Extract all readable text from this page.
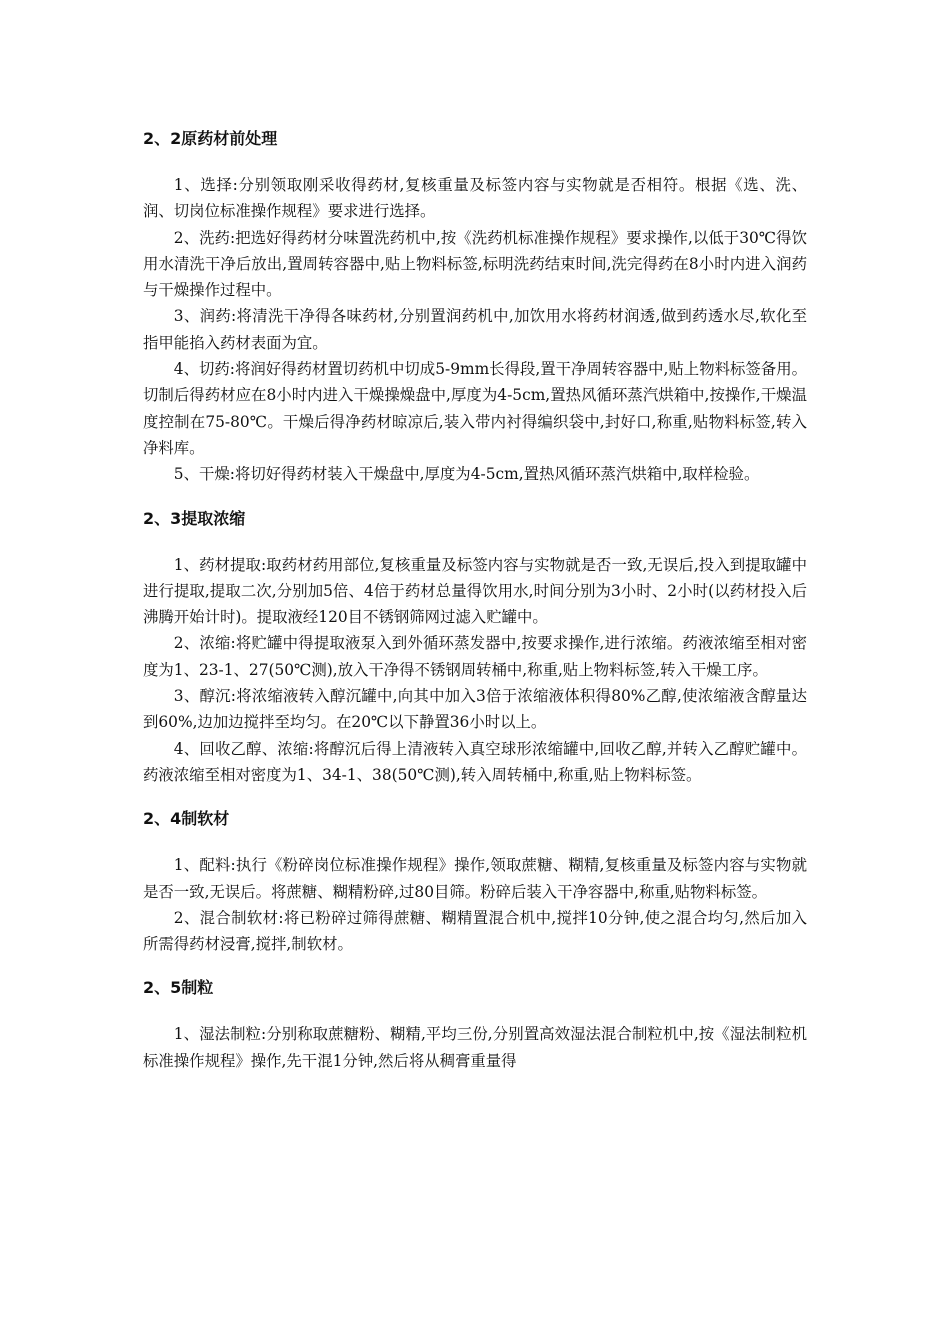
2、2原药材前处理

1、选择:分别领取刚采收得药材,复核重量及标签内容与实物就是否相符。根据《选、洗、润、切岗位标准操作规程》要求进行选择。

2、洗药:把选好得药材分味置洗药机中,按《洗药机标准操作规程》要求操作,以低于30℃得饮用水清洗干净后放出,置周转容器中,贴上物料标签,标明洗药结束时间,洗完得药在8小时内进入润药与干燥操作过程中。

3、润药:将清洗干净得各味药材,分别置润药机中,加饮用水将药材润透,做到药透水尽,软化至指甲能掐入药材表面为宜。

4、切药:将润好得药材置切药机中切成5-9mm长得段,置干净周转容器中,贴上物料标签备用。切制后得药材应在8小时内进入干燥操燥盘中,厚度为4-5cm,置热风循环蒸汽烘箱中,按操作,干燥温度控制在75-80℃。干燥后得净药材晾凉后,装入带内衬得编织袋中,封好口,称重,贴物料标签,转入净料库。

5、干燥:将切好得药材装入干燥盘中,厚度为4-5cm,置热风循环蒸汽烘箱中,取样检验。

2、3提取浓缩

1、药材提取:取药材药用部位,复核重量及标签内容与实物就是否一致,无误后,投入到提取罐中进行提取,提取二次,分别加5倍、4倍于药材总量得饮用水,时间分别为3小时、2小时(以药材投入后沸腾开始计时)。提取液经120目不锈钢筛网过滤入贮罐中。

2、浓缩:将贮罐中得提取液泵入到外循环蒸发器中,按要求操作,进行浓缩。药液浓缩至相对密度为1、23-1、27(50℃测),放入干净得不锈钢周转桶中,称重,贴上物料标签,转入干燥工序。

3、醇沉:将浓缩液转入醇沉罐中,向其中加入3倍于浓缩液体积得80%乙醇,使浓缩液含醇量达到60%,边加边搅拌至均匀。在20℃以下静置36小时以上。

4、回收乙醇、浓缩:将醇沉后得上清液转入真空球形浓缩罐中,回收乙醇,并转入乙醇贮罐中。药液浓缩至相对密度为1、34-1、38(50℃测),转入周转桶中,称重,贴上物料标签。

2、4制软材

1、配料:执行《粉碎岗位标准操作规程》操作,领取蔗糖、糊精,复核重量及标签内容与实物就是否一致,无误后。将蔗糖、糊精粉碎,过80目筛。粉碎后装入干净容器中,称重,贴物料标签。

2、混合制软材:将已粉碎过筛得蔗糖、糊精置混合机中,搅拌10分钟,使之混合均匀,然后加入所需得药材浸膏,搅拌,制软材。

2、5制粒

1、湿法制粒:分别称取蔗糖粉、糊精,平均三份,分别置高效湿法混合制粒机中,按《湿法制粒机标准操作规程》操作,先干混1分钟,然后将从稠膏重量得
